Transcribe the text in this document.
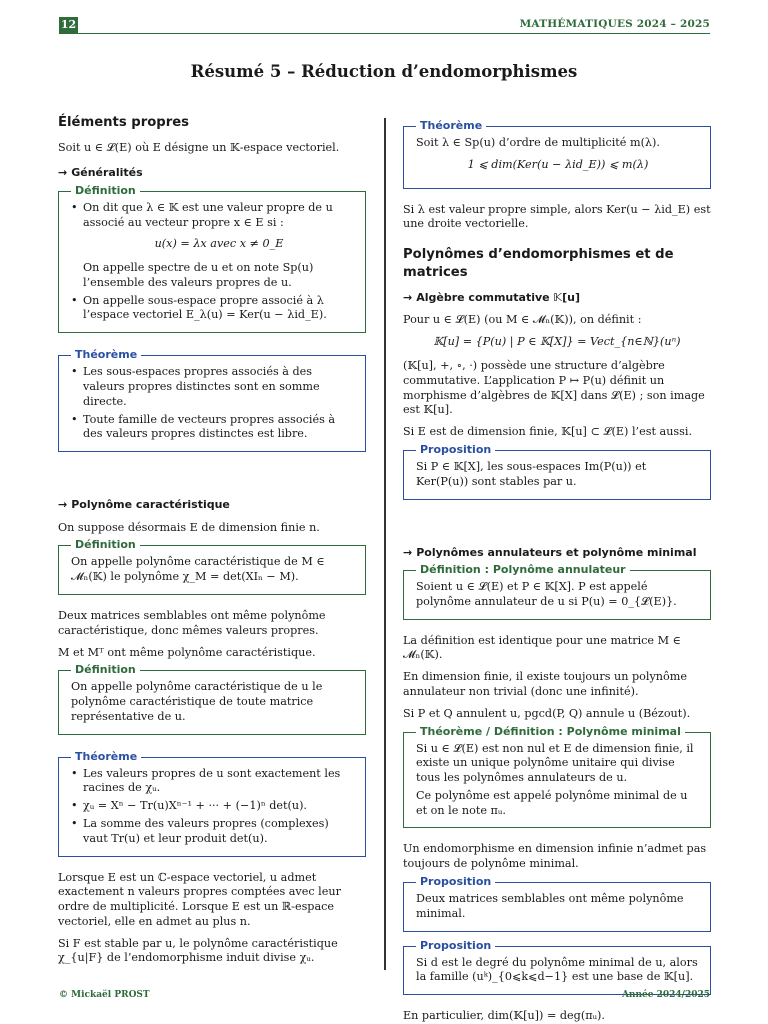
12	MATHÉMATIQUES 2024 – 2025
Résumé 5 – Réduction d’endomorphismes
Éléments propres

Soit u ∈ 𝓛(E) où E désigne un 𝕂-espace vectoriel.

→ Généralités
Définition
• On dit que λ ∈ 𝕂 est une valeur propre de u associé au vecteur propre x ∈ E si :
u(x) = λx avec x ≠ 0_E
On appelle spectre de u et on note Sp(u) l’ensemble des valeurs propres de u.
• On appelle sous-espace propre associé à λ l’espace vectoriel E_λ(u) = Ker(u − λid_E).
Théorème
• Les sous-espaces propres associés à des valeurs propres distinctes sont en somme directe.
• Toute famille de vecteurs propres associés à des valeurs propres distinctes est libre.
→ Polynôme caractéristique

On suppose désormais E de dimension finie n.

Définition

On appelle polynôme caractéristique de M ∈ 𝓜ₙ(𝕂) le polynôme χ_M = det(XIₙ − M).

Deux matrices semblables ont même polynôme caractéristique, donc mêmes valeurs propres.

M et Mᵀ ont même polynôme caractéristique.

Définition

On appelle polynôme caractéristique de u le polynôme caractéristique de toute matrice représentative de u.

Théorème
• Les valeurs propres de u sont exactement les racines de χᵤ.
• χᵤ = Xⁿ − Tr(u)Xⁿ⁻¹ + ··· + (−1)ⁿ det(u).
• La somme des valeurs propres (complexes) vaut Tr(u) et leur produit det(u).

Lorsque E est un ℂ-espace vectoriel, u admet exactement n valeurs propres comptées avec leur ordre de multiplicité. Lorsque E est un ℝ-espace vectoriel, elle en admet au plus n.

Si F est stable par u, le polynôme caractéristique χ_{u|F} de l’endomorphisme induit divise χᵤ.

Théorème

Soit λ ∈ Sp(u) d’ordre de multiplicité m(λ).

1 ⩽ dim(Ker(u − λid_E)) ⩽ m(λ)

Si λ est valeur propre simple, alors Ker(u − λid_E) est une droite vectorielle.

Polynômes d’endomorphismes et de matrices
→ Algèbre commutative 𝕂[u]

Pour u ∈ 𝓛(E) (ou M ∈ 𝓜ₙ(𝕂)), on définit :

𝕂[u] = {P(u) | P ∈ 𝕂[X]} = Vect_{n∈ℕ}(uⁿ)

(𝕂[u], +, ∘, ·) possède une structure d’algèbre commutative. L’application P ↦ P(u) définit un morphisme d’algèbres de 𝕂[X] dans 𝓛(E) ; son image est 𝕂[u].

Si E est de dimension finie, 𝕂[u] ⊂ 𝓛(E) l’est aussi.

Proposition

Si P ∈ 𝕂[X], les sous-espaces Im(P(u)) et Ker(P(u)) sont stables par u.

→ Polynômes annulateurs et polynôme minimal
Définition : Polynôme annulateur

Soient u ∈ 𝓛(E) et P ∈ 𝕂[X]. P est appelé polynôme annulateur de u si P(u) = 0_{𝓛(E)}.

La définition est identique pour une matrice M ∈ 𝓜ₙ(𝕂).

En dimension finie, il existe toujours un polynôme annulateur non trivial (donc une infinité).

Si P et Q annulent u, pgcd(P, Q) annule u (Bézout).

Théorème / Définition : Polynôme minimal

Si u ∈ 𝓛(E) est non nul et E de dimension finie, il existe un unique polynôme unitaire qui divise tous les polynômes annulateurs de u.

Ce polynôme est appelé polynôme minimal de u et on le note πᵤ.

Un endomorphisme en dimension infinie n’admet pas toujours de polynôme minimal.

Proposition

Deux matrices semblables ont même polynôme minimal.

Proposition

Si d est le degré du polynôme minimal de u, alors la famille (uᵏ)_{0⩽k⩽d−1} est une base de 𝕂[u].

En particulier, dim(𝕂[u]) = deg(πᵤ).

© Mickaël PROST	Année 2024/2025
